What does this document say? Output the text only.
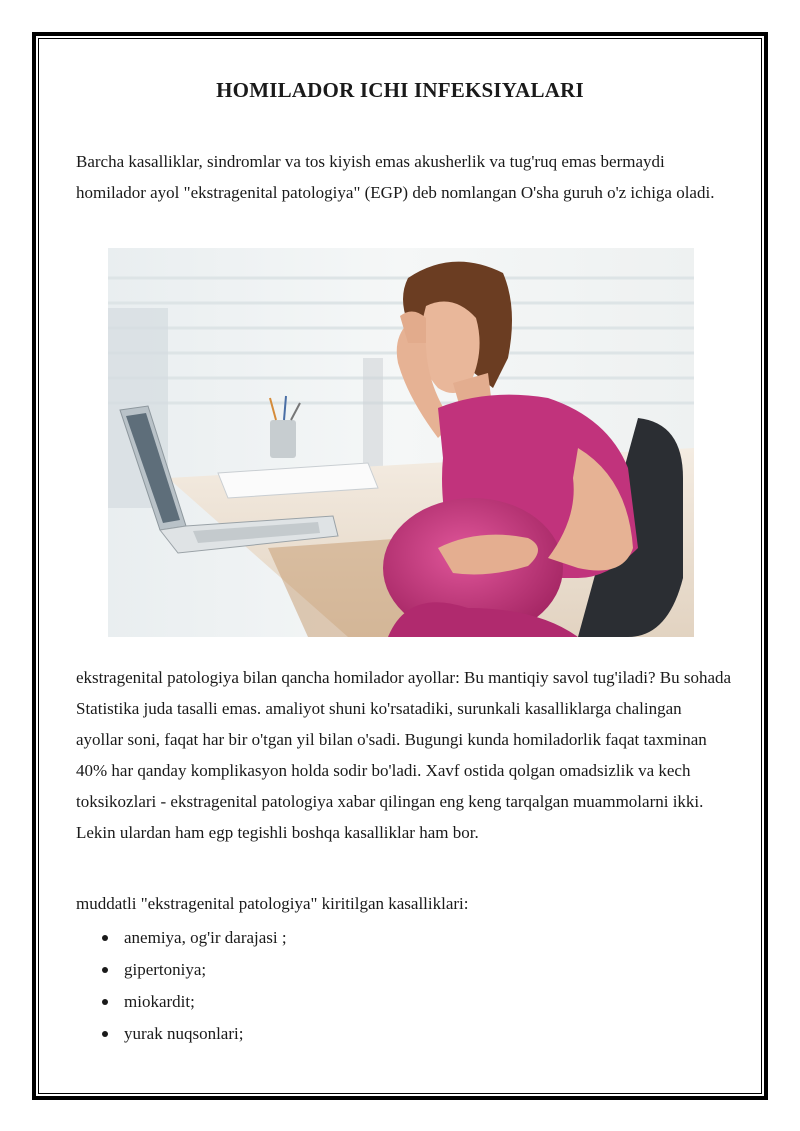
HOMILADOR ICHI INFEKSIYALARI

Barcha kasalliklar, sindromlar va tos kiyish emas akusherlik va tug'ruq emas bermaydi homilador ayol "ekstragenital patologiya" (EGP) deb nomlangan O'sha guruh o'z ichiga oladi.

ekstragenital patologiya bilan qancha homilador ayollar: Bu mantiqiy savol tug'iladi? Bu sohada Statistika juda tasalli emas. amaliyot shuni ko'rsatadiki, surunkali kasalliklarga chalingan ayollar soni, faqat har bir o'tgan yil bilan o'sadi. Bugungi kunda homiladorlik faqat taxminan 40% har qanday komplikasyon holda sodir bo'ladi. Xavf ostida qolgan omadsizlik va kech toksikozlari - ekstragenital patologiya xabar qilingan eng keng tarqalgan muammolarni ikki. Lekin ulardan ham egp tegishli boshqa kasalliklar ham bor.

muddatli "ekstragenital patologiya" kiritilgan kasalliklari:

anemiya, og'ir darajasi ;
gipertoniya;
miokardit;
yurak nuqsonlari;
